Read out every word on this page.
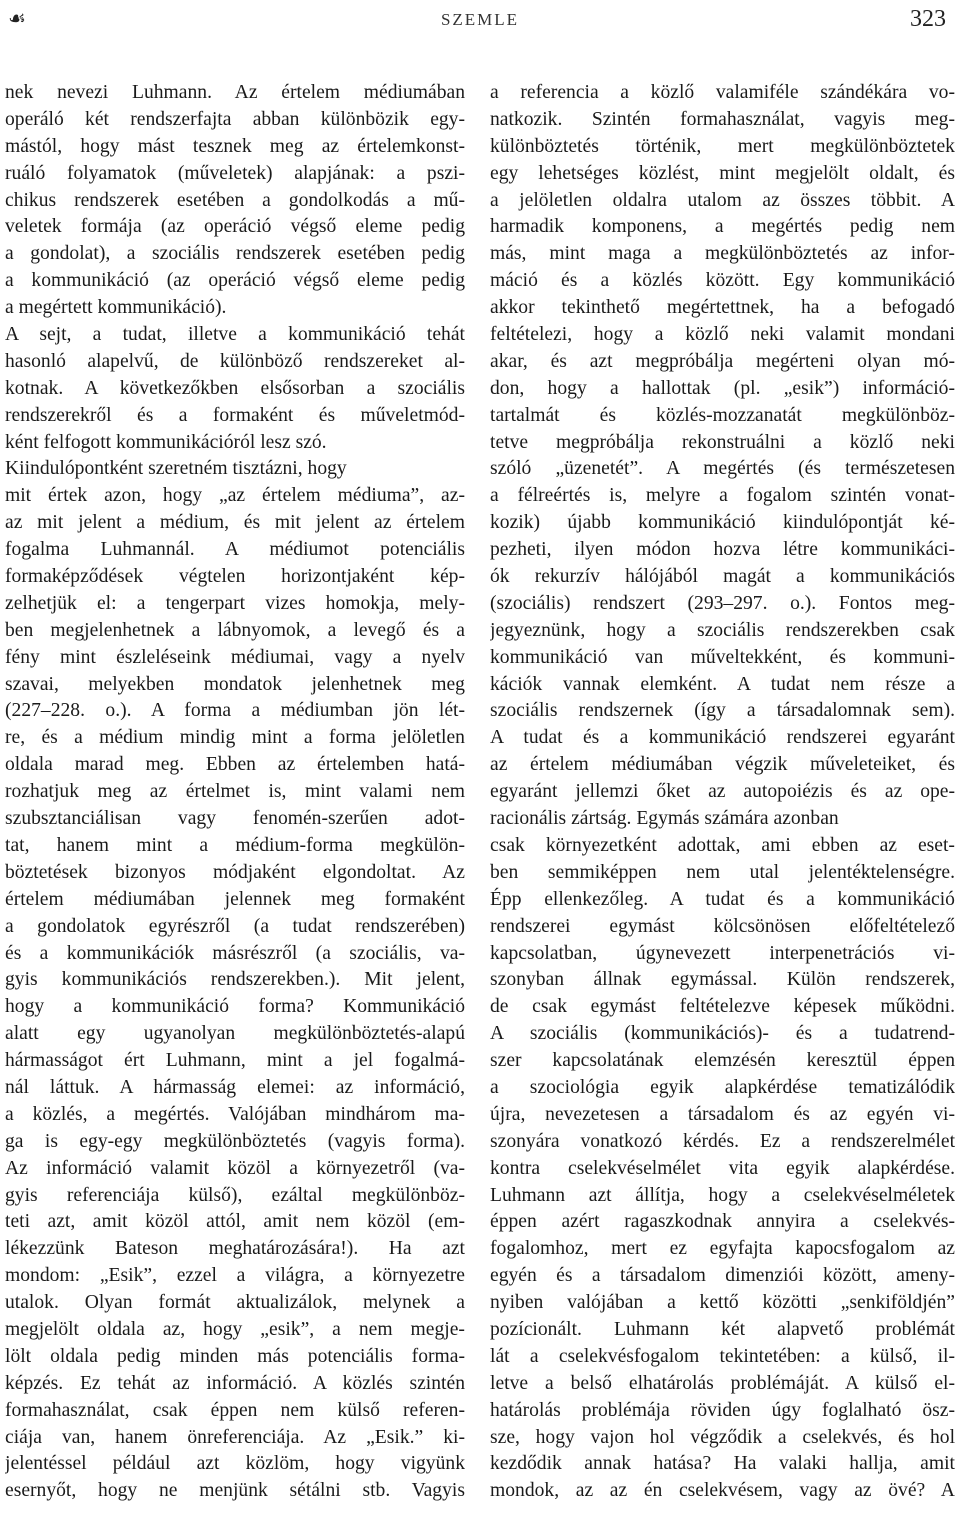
☙	SZEMLE	323
nek nevezi Luhmann. Az értelem médiumában
operáló két rendszerfajta abban különbözik egy-
mástól, hogy mást tesznek meg az értelemkonst-
ruáló folyamatok (műveletek) alapjának: a pszi-
chikus rendszerek esetében a gondolkodás a mű-
veletek formája (az operáció végső eleme pedig
a gondolat), a szociális rendszerek esetében pedig
a kommunikáció (az operáció végső eleme pedig
a megértett kommunikáció).
A sejt, a tudat, illetve a kommunikáció tehát
hasonló alapelvű, de különböző rendszereket al-
kotnak. A következőkben elsősorban a szociális
rendszerekről és a formaként és műveletmód-
ként felfogott kommunikációról lesz szó.
Kiindulópontként szeretném tisztázni, hogy
mit értek azon, hogy „az értelem médiuma”, az-
az mit jelent a médium, és mit jelent az értelem
fogalma Luhmannál. A médiumot potenciális
formaképződések végtelen horizontjaként kép-
zelhetjük el: a tengerpart vizes homokja, mely-
ben megjelenhetnek a lábnyomok, a levegő és a
fény mint észleléseink médiumai, vagy a nyelv
szavai, melyekben mondatok jelenhetnek meg
(227–228. o.). A forma a médiumban jön lét-
re, és a médium mindig mint a forma jelöletlen
oldala marad meg. Ebben az értelemben hatá-
rozhatjuk meg az értelmet is, mint valami nem
szubsztanciálisan vagy fenomén-szerűen adot-
tat, hanem mint a médium-forma megkülön-
böztetések bizonyos módjaként elgondoltat. Az
értelem médiumában jelennek meg formaként
a gondolatok egyrészről (a tudat rendszerében)
és a kommunikációk másrészről (a szociális, va-
gyis kommunikációs rendszerekben.). Mit jelent,
hogy a kommunikáció forma? Kommunikáció
alatt egy ugyanolyan megkülönböztetés-alapú
hármasságot ért Luhmann, mint a jel fogalmá-
nál láttuk. A hármasság elemei: az információ,
a közlés, a megértés. Valójában mindhárom ma-
ga is egy-egy megkülönböztetés (vagyis forma).
Az információ valamit közöl a környezetről (va-
gyis referenciája külső), ezáltal megkülönböz-
teti azt, amit közöl attól, amit nem közöl (em-
lékezzünk Bateson meghatározására!). Ha azt
mondom: „Esik”, ezzel a világra, a környezetre
utalok. Olyan formát aktualizálok, melynek a
megjelölt oldala az, hogy „esik”, a nem megje-
lölt oldala pedig minden más potenciális forma-
képzés. Ez tehát az információ. A közlés szintén
formahasználat, csak éppen nem külső referen-
ciája van, hanem önreferenciája. Az „Esik.” ki-
jelentéssel például azt közlöm, hogy vigyünk
esernyőt, hogy ne menjünk sétálni stb. Vagyis
a referencia a közlő valamiféle szándékára vo-
natkozik. Szintén formahasználat, vagyis meg-
különböztetés történik, mert megkülönböztetek
egy lehetséges közlést, mint megjelölt oldalt, és
a jelöletlen oldalra utalom az összes többit. A
harmadik komponens, a megértés pedig nem
más, mint maga a megkülönböztetés az infor-
máció és a közlés között. Egy kommunikáció
akkor tekinthető megértettnek, ha a befogadó
feltételezi, hogy a közlő neki valamit mondani
akar, és azt megpróbálja megérteni olyan mó-
don, hogy a hallottak (pl. „esik”) információ-
tartalmát és közlés-mozzanatát megkülönböz-
tetve megpróbálja rekonstruálni a közlő neki
szóló „üzenetét”. A megértés (és természetesen
a félreértés is, melyre a fogalom szintén vonat-
kozik) újabb kommunikáció kiindulópontját ké-
pezheti, ilyen módon hozva létre kommunikáci-
ók rekurzív hálójából magát a kommunikációs
(szociális) rendszert (293–297. o.). Fontos meg-
jegyeznünk, hogy a szociális rendszerekben csak
kommunikáció van műveltekként, és kommuni-
kációk vannak elemként. A tudat nem része a
szociális rendszernek (így a társadalomnak sem).
A tudat és a kommunikáció rendszerei egyaránt
az értelem médiumában végzik műveleteiket, és
egyaránt jellemzi őket az autopoiézis és az ope-
racionális zártság. Egymás számára azonban
csak környezetként adottak, ami ebben az eset-
ben semmiképpen nem utal jelentéktelenségre.
Épp ellenkezőleg. A tudat és a kommunikáció
rendszerei egymást kölcsönösen előfeltételező
kapcsolatban, úgynevezett interpenetrációs vi-
szonyban állnak egymással. Külön rendszerek,
de csak egymást feltételezve képesek működni.
A szociális (kommunikációs)- és a tudatrend-
szer kapcsolatának elemzésén keresztül éppen
a szociológia egyik alapkérdése tematizálódik
újra, nevezetesen a társadalom és az egyén vi-
szonyára vonatkozó kérdés. Ez a rendszerelmélet
kontra cselekvéselmélet vita egyik alapkérdése.
Luhmann azt állítja, hogy a cselekvéselméletek
éppen azért ragaszkodnak annyira a cselekvés-
fogalomhoz, mert ez egyfajta kapocsfogalom az
egyén és a társadalom dimenziói között, ameny-
nyiben valójában a kettő közötti „senkiföldjén”
pozícionált. Luhmann két alapvető problémát
lát a cselekvésfogalom tekintetében: a külső, il-
letve a belső elhatárolás problémáját. A külső el-
határolás problémája röviden úgy foglalható ösz-
sze, hogy vajon hol végződik a cselekvés, és hol
kezdődik annak hatása? Ha valaki hallja, amit
mondok, az az én cselekvésem, vagy az övé? A
